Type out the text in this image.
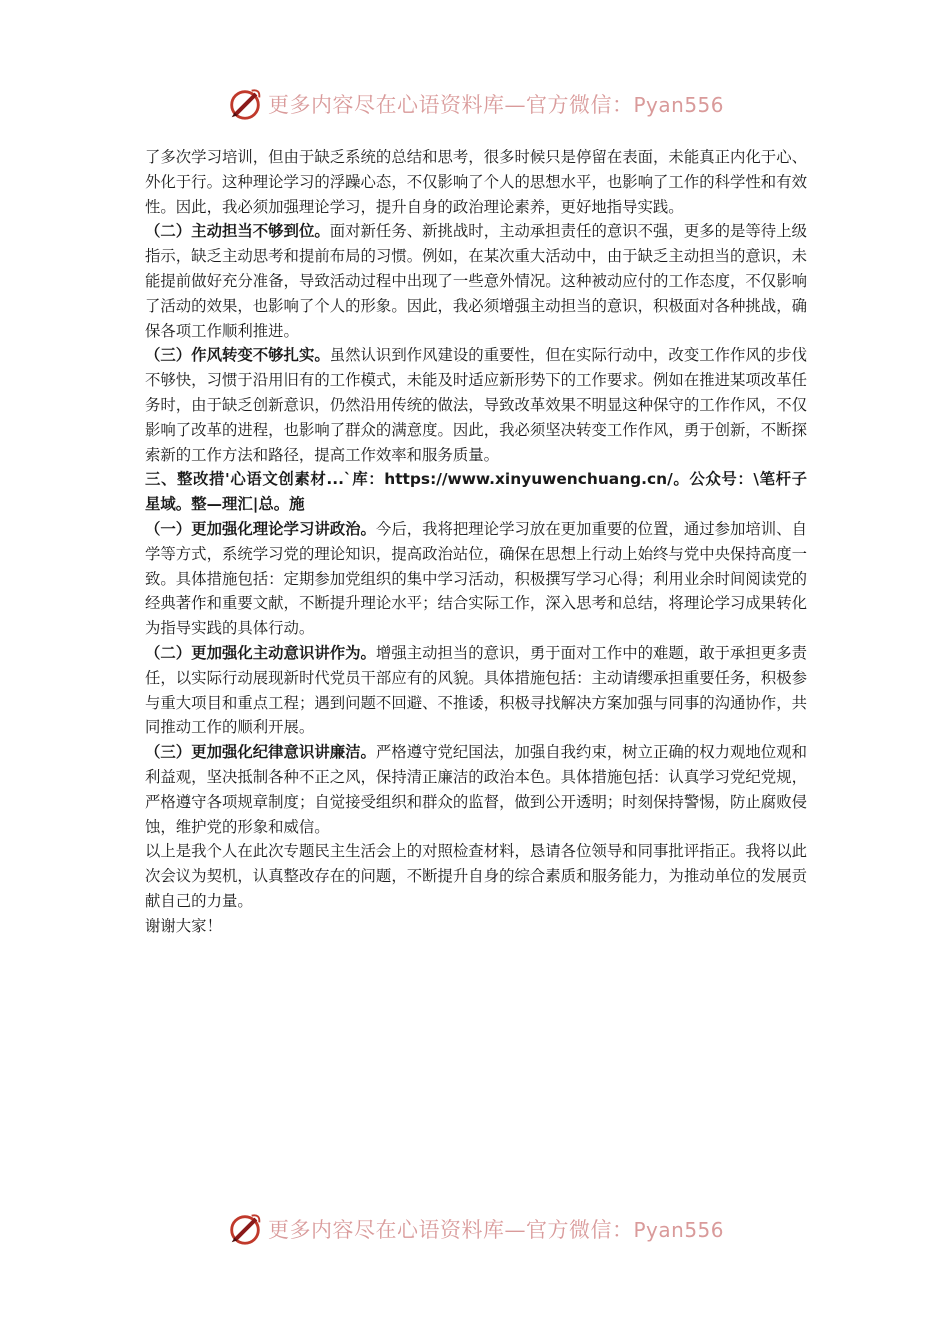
更多内容尽在心语资料库—官方微信：Pyan556

了多次学习培训，但由于缺乏系统的总结和思考，很多时候只是停留在表面，未能真正内化于心、外化于行。这种理论学习的浮躁心态，不仅影响了个人的思想水平，也影响了工作的科学性和有效性。因此，我必须加强理论学习，提升自身的政治理论素养，更好地指导实践。

（二）主动担当不够到位。面对新任务、新挑战时，主动承担责任的意识不强，更多的是等待上级指示，缺乏主动思考和提前布局的习惯。例如，在某次重大活动中，由于缺乏主动担当的意识，未能提前做好充分准备，导致活动过程中出现了一些意外情况。这种被动应付的工作态度，不仅影响了活动的效果，也影响了个人的形象。因此，我必须增强主动担当的意识，积极面对各种挑战，确保各项工作顺利推进。

（三）作风转变不够扎实。虽然认识到作风建设的重要性，但在实际行动中，改变工作作风的步伐不够快，习惯于沿用旧有的工作模式，未能及时适应新形势下的工作要求。例如在推进某项改革任务时，由于缺乏创新意识，仍然沿用传统的做法，导致改革效果不明显这种保守的工作作风，不仅影响了改革的进程，也影响了群众的满意度。因此，我必须坚决转变工作作风，勇于创新，不断探索新的工作方法和路径，提高工作效率和服务质量。

三、整改措'心语文创素材...`库：https://www.xinyuwenchuang.cn/。公众号：\笔杆子星域。整—理汇|总。施

（一）更加强化理论学习讲政治。今后，我将把理论学习放在更加重要的位置，通过参加培训、自学等方式，系统学习党的理论知识，提高政治站位，确保在思想上行动上始终与党中央保持高度一致。具体措施包括：定期参加党组织的集中学习活动，积极撰写学习心得；利用业余时间阅读党的经典著作和重要文献，不断提升理论水平；结合实际工作，深入思考和总结，将理论学习成果转化为指导实践的具体行动。

（二）更加强化主动意识讲作为。增强主动担当的意识，勇于面对工作中的难题，敢于承担更多责任，以实际行动展现新时代党员干部应有的风貌。具体措施包括：主动请缨承担重要任务，积极参与重大项目和重点工程；遇到问题不回避、不推诿，积极寻找解决方案加强与同事的沟通协作，共同推动工作的顺利开展。

（三）更加强化纪律意识讲廉洁。严格遵守党纪国法，加强自我约束，树立正确的权力观地位观和利益观，坚决抵制各种不正之风，保持清正廉洁的政治本色。具体措施包括：认真学习党纪党规，严格遵守各项规章制度；自觉接受组织和群众的监督，做到公开透明；时刻保持警惕，防止腐败侵蚀，维护党的形象和威信。

以上是我个人在此次专题民主生活会上的对照检查材料，恳请各位领导和同事批评指正。我将以此次会议为契机，认真整改存在的问题，不断提升自身的综合素质和服务能力，为推动单位的发展贡献自己的力量。

谢谢大家！

更多内容尽在心语资料库—官方微信：Pyan556
